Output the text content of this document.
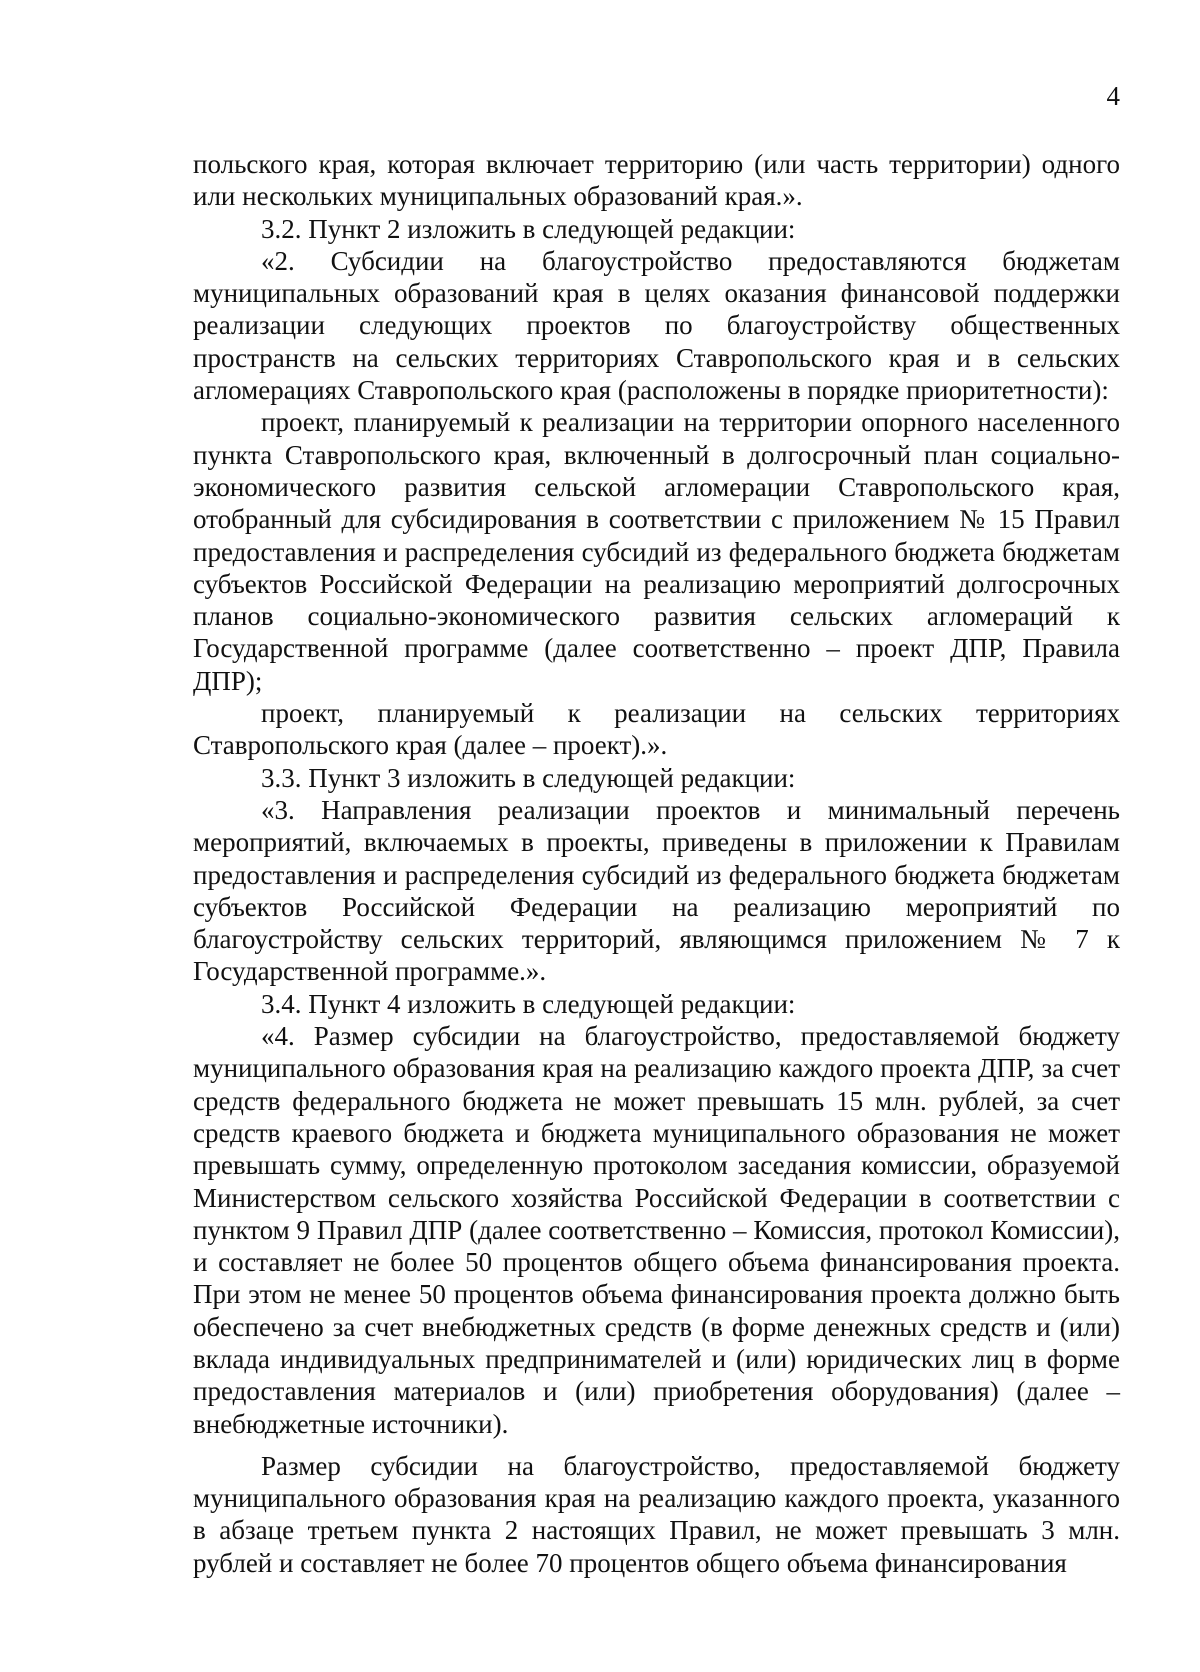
4

польского края, которая включает территорию (или часть территории) одного или нескольких муниципальных образований края.».

3.2. Пункт 2 изложить в следующей редакции:

«2. Субсидии на благоустройство предоставляются бюджетам муниципальных образований края в целях оказания финансовой поддержки реализации следующих проектов по благоустройству общественных пространств на сельских территориях Ставропольского края и в сельских агломерациях Ставропольского края (расположены в порядке приоритетности):

проект, планируемый к реализации на территории опорного населенного пункта Ставропольского края, включенный в долгосрочный план социально-экономического развития сельской агломерации Ставропольского края, отобранный для субсидирования в соответствии с приложением № 15 Правил предоставления и распределения субсидий из федерального бюджета бюджетам субъектов Российской Федерации на реализацию мероприятий долгосрочных планов социально-экономического развития сельских агломераций к Государственной программе (далее соответственно – проект ДПР, Правила ДПР);

проект, планируемый к реализации на сельских территориях Ставропольского края (далее – проект).».

3.3. Пункт 3 изложить в следующей редакции:

«3. Направления реализации проектов и минимальный перечень мероприятий, включаемых в проекты, приведены в приложении к Правилам предоставления и распределения субсидий из федерального бюджета бюджетам субъектов Российской Федерации на реализацию мероприятий по благоустройству сельских территорий, являющимся приложением № 7 к Государственной программе.».

3.4. Пункт 4 изложить в следующей редакции:

«4. Размер субсидии на благоустройство, предоставляемой бюджету муниципального образования края на реализацию каждого проекта ДПР, за счет средств федерального бюджета не может превышать 15 млн. рублей, за счет средств краевого бюджета и бюджета муниципального образования не может превышать сумму, определенную протоколом заседания комиссии, образуемой Министерством сельского хозяйства Российской Федерации в соответствии с пунктом 9 Правил ДПР (далее соответственно – Комиссия, протокол Комиссии), и составляет не более 50 процентов общего объема финансирования проекта. При этом не менее 50 процентов объема финансирования проекта должно быть обеспечено за счет внебюджетных средств (в форме денежных средств и (или) вклада индивидуальных предпринимателей и (или) юридических лиц в форме предоставления материалов и (или) приобретения оборудования) (далее – внебюджетные источники).

Размер субсидии на благоустройство, предоставляемой бюджету муниципального образования края на реализацию каждого проекта, указанного в абзаце третьем пункта 2 настоящих Правил, не может превышать 3 млн. рублей и составляет не более 70 процентов общего объема финансирования
